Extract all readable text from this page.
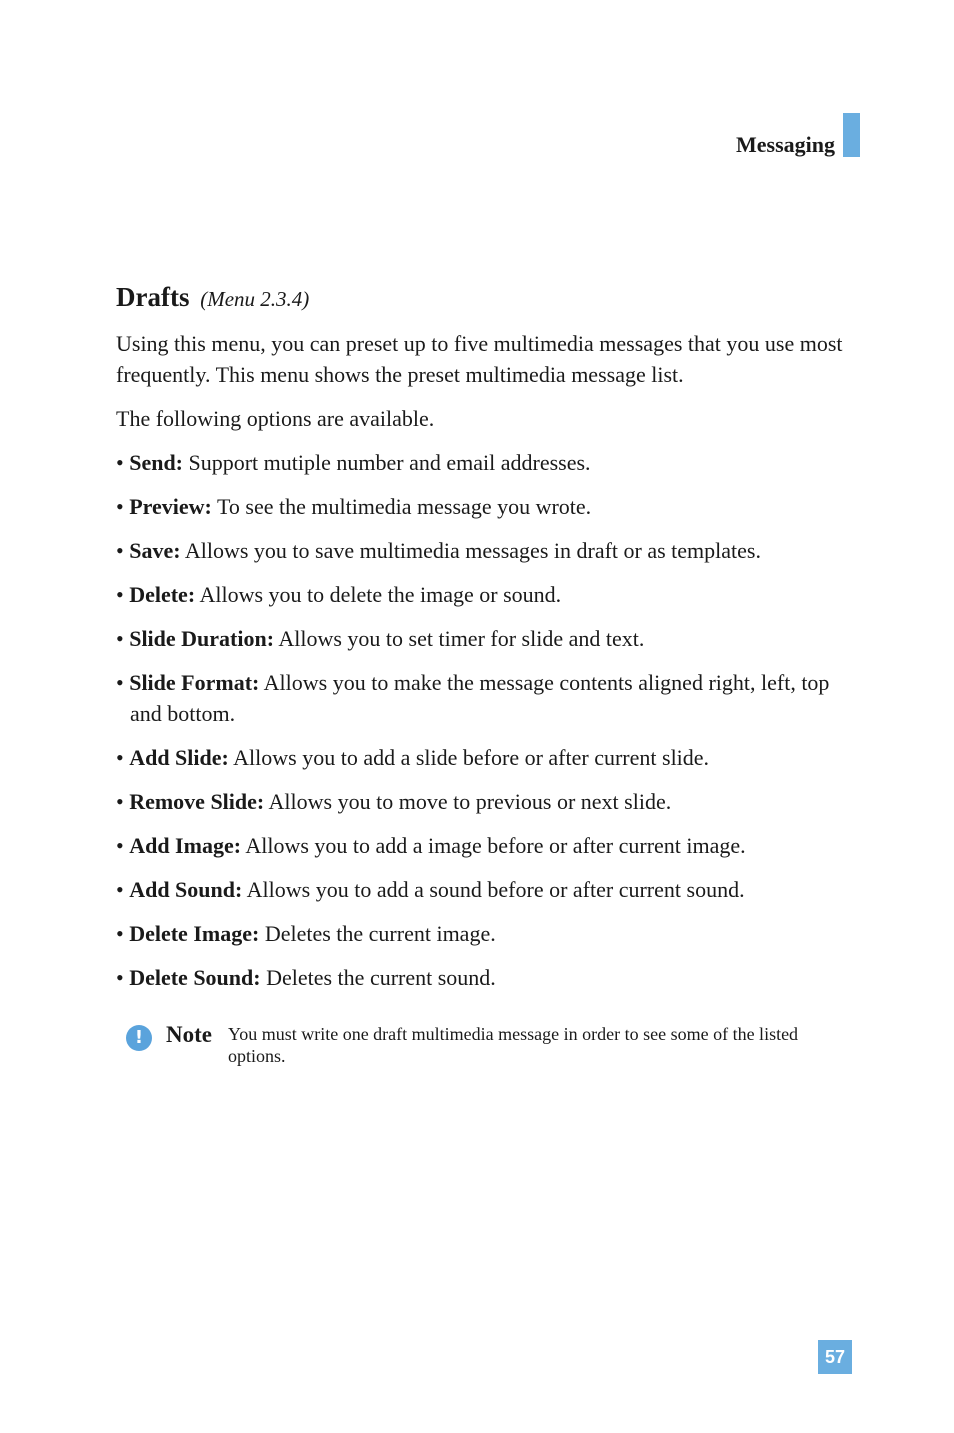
Messaging
Drafts (Menu 2.3.4)

Using this menu, you can preset up to five multimedia messages that you use most frequently. This menu shows the preset multimedia message list.

The following options are available.

• Send: Support mutiple number and email addresses.
• Preview: To see the multimedia message you wrote.
• Save: Allows you to save multimedia messages in draft or as templates.
• Delete: Allows you to delete the image or sound.
• Slide Duration: Allows you to set timer for slide and text.
• Slide Format: Allows you to make the message contents aligned right, left, top and bottom.
• Add Slide: Allows you to add a slide before or after current slide.
• Remove Slide: Allows you to move to previous or next slide.
• Add Image: Allows you to add a image before or after current image.
• Add Sound: Allows you to add a sound before or after current sound.
• Delete Image: Deletes the current image.
• Delete Sound: Deletes the current sound.
! Note You must write one draft multimedia message in order to see some of the listed options.
57
